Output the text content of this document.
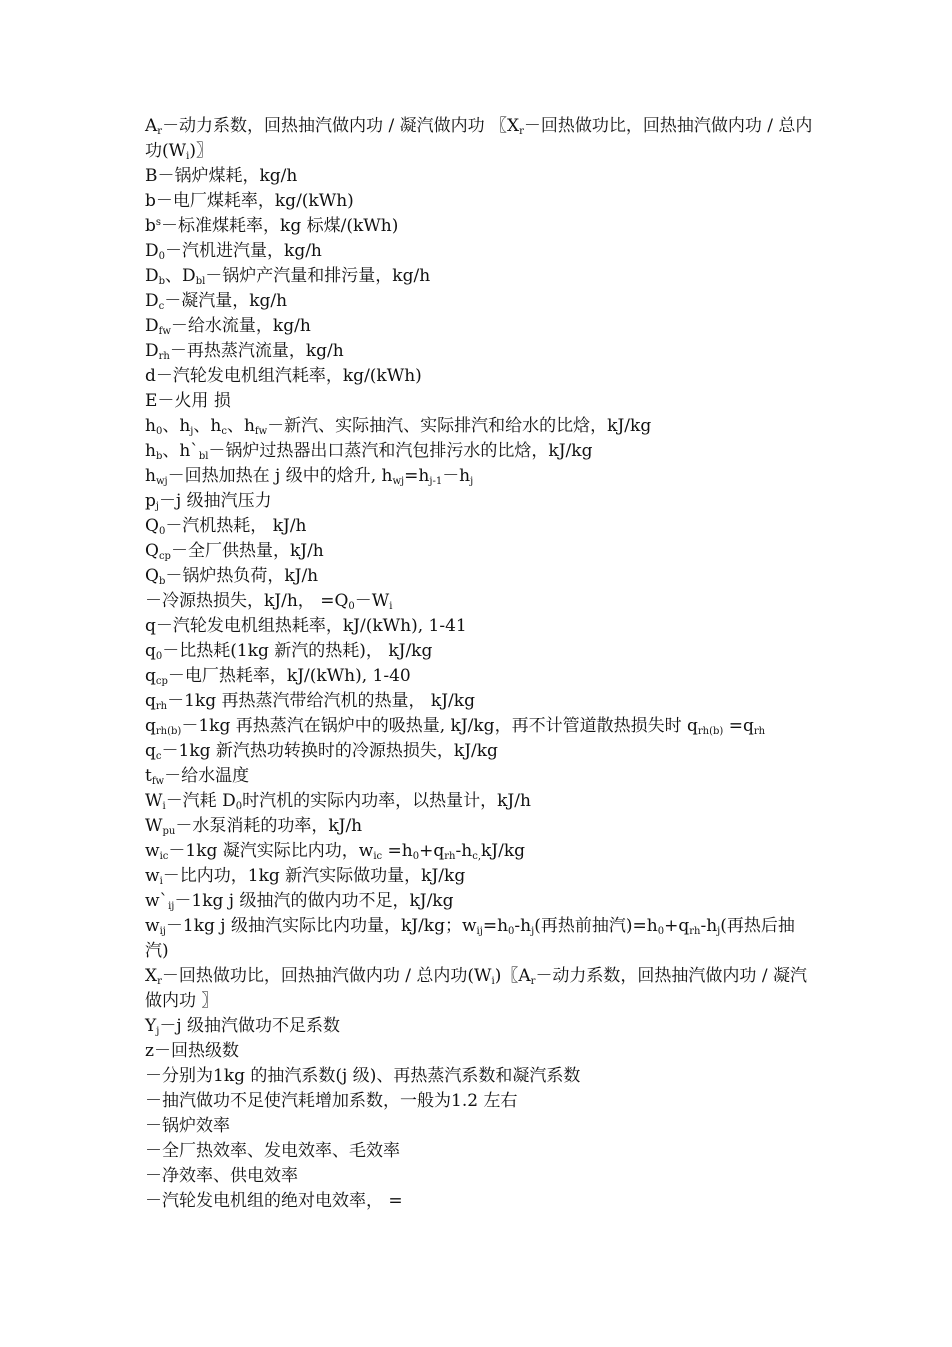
$A_r-$动力系数，回热抽汽做内功 / 凝汽做内功 〖$X_r-$回热做功比，回热抽汽做内功 / 总内功$(W_i)$〗
B－锅炉煤耗，kg/h
b－电厂煤耗率，kg/(kWh)
$b^s-$标准煤耗率，kg 标煤/(kWh)
$D_0-$汽机进汽量，kg/h
$D_b$、$D_{bl}-$锅炉产汽量和排污量，kg/h
$D_c-$凝汽量，kg/h
$D_{fw}-$给水流量，kg/h
$D_{rh}-$再热蒸汽流量，kg/h
d－汽轮发电机组汽耗率，kg/(kWh)
E－火用 损
$h_0$、$h_j$、$h_c$、$h_{fw}-$新汽、实际抽汽、实际排汽和给水的比焓，kJ/kg
$h_b$、$h`_{bl}-$锅炉过热器出口蒸汽和汽包排污水的比焓，kJ/kg
$h_{wj}-$回热加热在 j 级中的焓升, $h_{wj}=h_{j-1}-h_j$
$p_j-j$ 级抽汽压力
$Q_0-$汽机热耗， kJ/h
$Q_{cp}-$全厂供热量，kJ/h
$Q_b-$锅炉热负荷，kJ/h
－冷源热损失，kJ/h， $=Q_0-W_i$
q－汽轮发电机组热耗率，kJ/(kWh), 1-41
$q_0-$比热耗(1kg 新汽的热耗)， kJ/kg
$q_{cp}-$电厂热耗率，kJ/(kWh), 1-40
$q_{rh}-1kg$ 再热蒸汽带给汽机的热量， kJ/kg
$q_{rh(b)}-1kg$ 再热蒸汽在锅炉中的吸热量, kJ/kg，再不计管道散热损失时 $q_{rh(b)} =q_{rh}$
$q_c-1kg$ 新汽热功转换时的冷源热损失，kJ/kg
$t_{fw}-$给水温度
$W_i-$汽耗 $D_0$时汽机的实际内功率，以热量计，kJ/h
$W_{pu}-$水泵消耗的功率，kJ/h
$w_{ic}-1kg$ 凝汽实际比内功，$w_{ic} =h_0+q_{rh}-h_{c,}kJ/kg$
$w_i-$比内功，1kg 新汽实际做功量，kJ/kg
$w`_{ij}-1kg$ j 级抽汽的做内功不足，kJ/kg
$w_{ij}-1kg$ j 级抽汽实际比内功量，kJ/kg；$w_{ij}=h_0-h_j$(再热前抽汽)$=h_0+q_{rh}-h_j$(再热后抽汽)
$X_r-$回热做功比，回热抽汽做内功 / 总内功$(W_i)$〖$A_r-$动力系数，回热抽汽做内功 / 凝汽做内功 〗
$Y_j-j$ 级抽汽做功不足系数
z－回热级数
－分别为1kg 的抽汽系数(j 级)、再热蒸汽系数和凝汽系数
－抽汽做功不足使汽耗增加系数，一般为1.2 左右
－锅炉效率
－全厂热效率、发电效率、毛效率
－净效率、供电效率
－汽轮发电机组的绝对电效率， =
